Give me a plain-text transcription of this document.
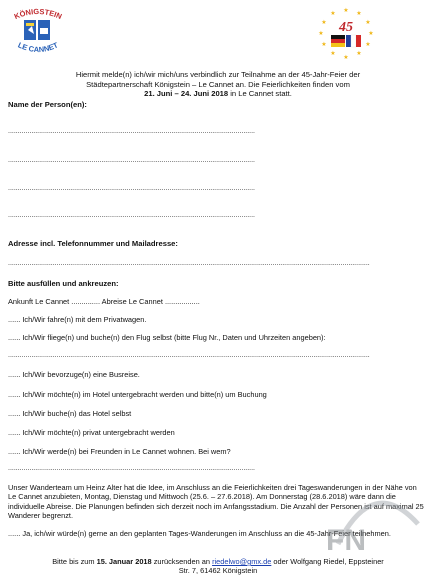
KÖNIGSTEIN
LE CANNET
★ ★
★
★
★
★
★
★
★
★
★
★
45
Hiermit melde(n) ich/wir mich/uns verbindlich zur Teilnahme an der 45-Jahr-Feier der
Städtepartnerschaft Königstein – Le Cannet an. Die Feierlichkeiten finden vom
21. Juni – 24. Juni 2018 in Le Cannet statt.
Name der Person(en):
...............................................................................................................................
...............................................................................................................................
...............................................................................................................................
...............................................................................................................................
Adresse incl. Telefonnummer und Mailadresse:
..........................................................................................................................................................................................
Bitte ausfüllen und ankreuzen:
Ankunft Le Cannet .............. Abreise Le Cannet .................
...... Ich/Wir fahre(n) mit dem Privatwagen.
...... Ich/Wir fliege(n) und buche(n) den Flug selbst (bitte Flug Nr., Daten und Uhrzeiten angeben):
..........................................................................................................................................................................................
...... Ich/Wir bevorzuge(n) eine Busreise.
...... Ich/Wir möchte(n) im Hotel untergebracht werden und bitte(n) um Buchung
...... Ich/Wir buche(n) das Hotel selbst
...... Ich/Wir möchte(n) privat untergebracht werden
...... Ich/Wir werde(n) bei Freunden in Le Cannet wohnen. Bei wem?
...............................................................................................................................
Unser Wanderteam um Heinz Alter hat die Idee, im Anschluss an die Feierlichkeiten drei Tageswanderungen in der Nähe von Le Cannet anzubieten, Montag, Dienstag und Mittwoch (25.6. – 27.6.2018). Am Donnerstag (28.6.2018) wäre dann die individuelle Abreise. Die Planungen befinden sich derzeit noch im Anfangsstadium. Die Anzahl der Personen ist auf maximal 25 Wanderer begrenzt.
...... Ja, ich/wir würde(n) gerne an den geplanten Tages-Wanderungen im Anschluss an die 45-Jahr-Feier teilnehmen.
Bitte bis zum 15. Januar 2018 zurücksenden an riedelwo@gmx.de oder Wolfgang Riedel, Eppsteiner
Str. 7, 61462 Königstein
FN
